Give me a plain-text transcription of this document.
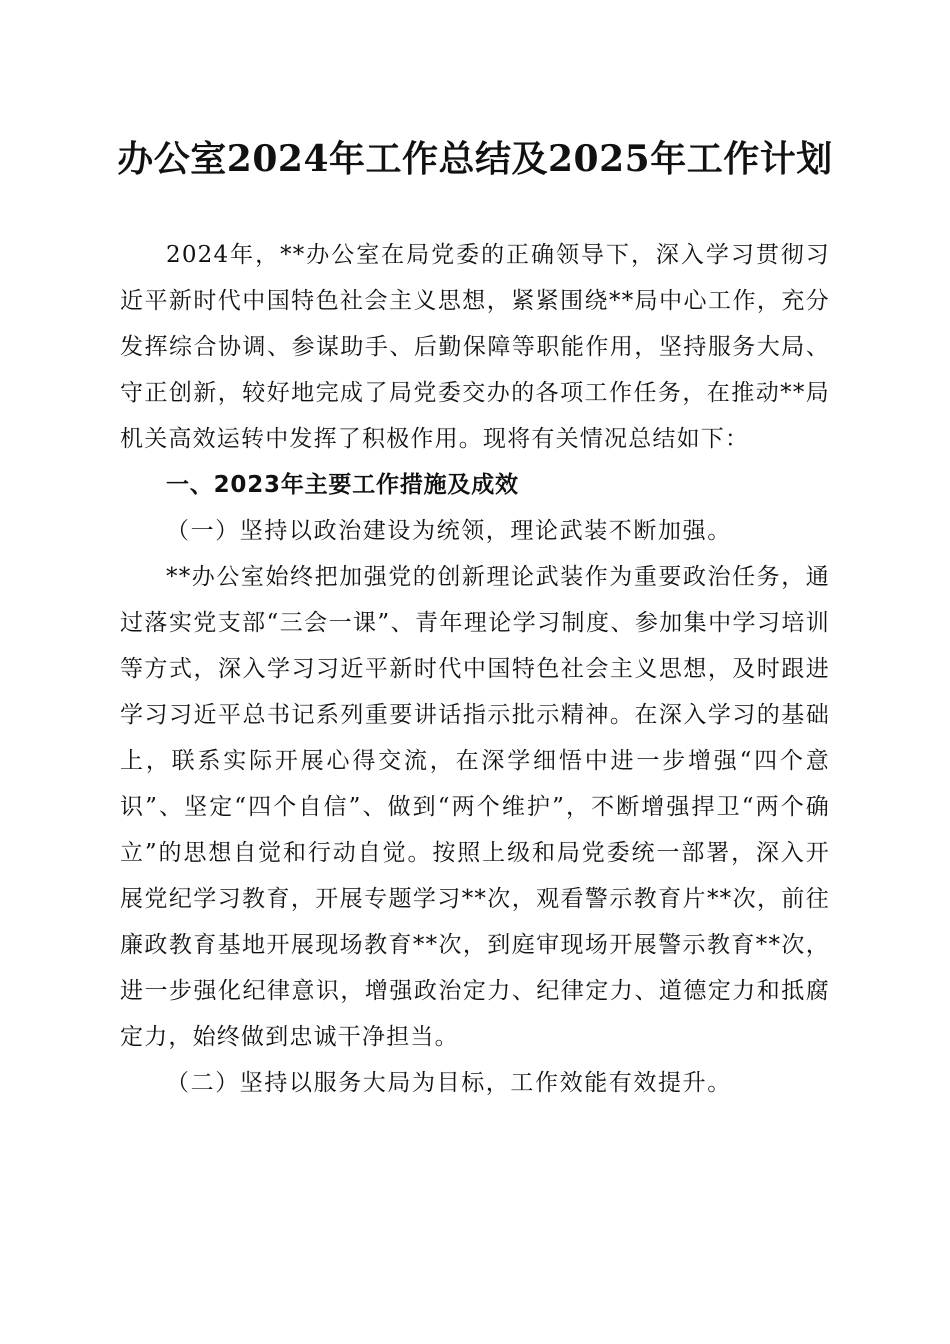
办公室2024年工作总结及2025年工作计划

2024年，**办公室在局党委的正确领导下，深入学习贯彻习近平新时代中国特色社会主义思想，紧紧围绕**局中心工作，充分发挥综合协调、参谋助手、后勤保障等职能作用，坚持服务大局、守正创新，较好地完成了局党委交办的各项工作任务，在推动**局机关高效运转中发挥了积极作用。现将有关情况总结如下：

一、2023年主要工作措施及成效

（一）坚持以政治建设为统领，理论武装不断加强。

**办公室始终把加强党的创新理论武装作为重要政治任务，通过落实党支部“三会一课”、青年理论学习制度、参加集中学习培训等方式，深入学习习近平新时代中国特色社会主义思想，及时跟进学习习近平总书记系列重要讲话指示批示精神。在深入学习的基础上，联系实际开展心得交流，在深学细悟中进一步增强“四个意识”、坚定“四个自信”、做到“两个维护”，不断增强捍卫“两个确立”的思想自觉和行动自觉。按照上级和局党委统一部署，深入开展党纪学习教育，开展专题学习**次，观看警示教育片**次，前往廉政教育基地开展现场教育**次，到庭审现场开展警示教育**次，进一步强化纪律意识，增强政治定力、纪律定力、道德定力和抵腐定力，始终做到忠诚干净担当。

（二）坚持以服务大局为目标，工作效能有效提升。
